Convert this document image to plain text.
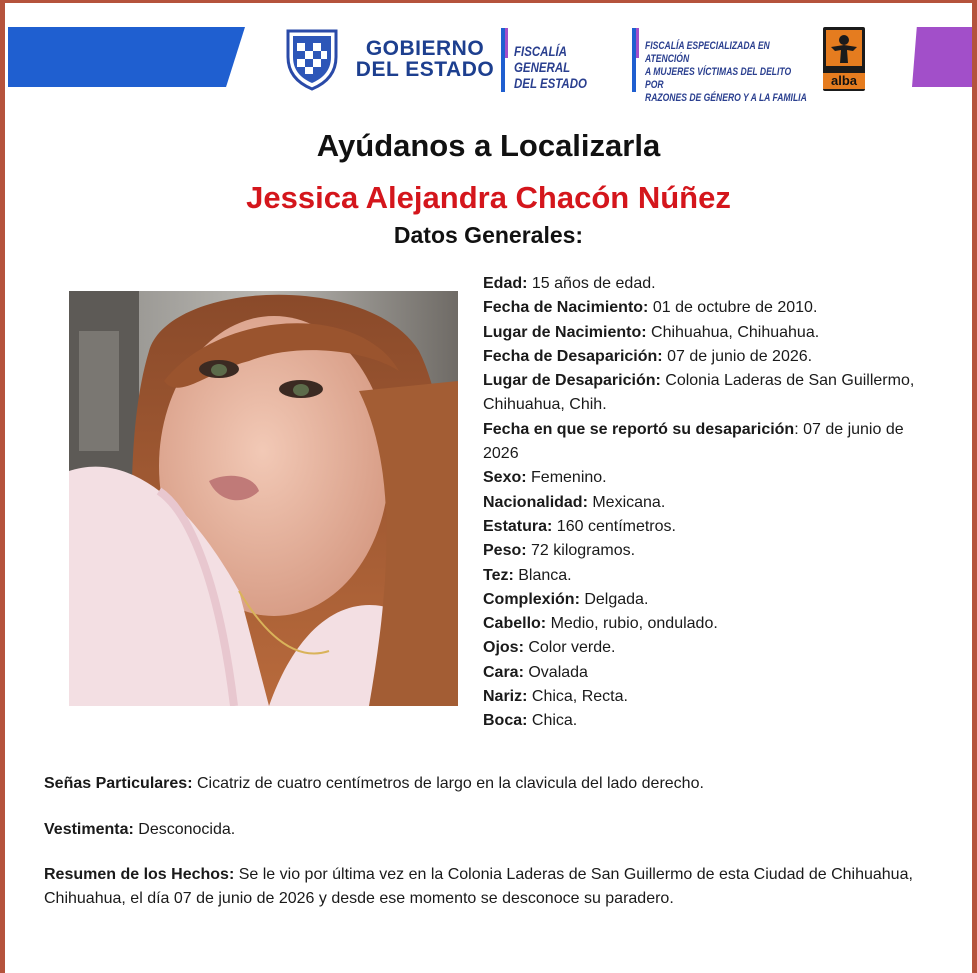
GOBIERNO
DEL ESTADO
FISCALÍA GENERAL
DEL ESTADO
FISCALÍA ESPECIALIZADA EN ATENCIÓN
A MUJERES VÍCTIMAS DEL DELITO POR
RAZONES DE GÉNERO Y A LA FAMILIA
alba
Ayúdanos a Localizarla
Jessica Alejandra Chacón Núñez
Datos Generales:
Edad: 15 años de edad.
Fecha de Nacimiento: 01 de octubre de 2010.
Lugar de Nacimiento: Chihuahua, Chihuahua.
Fecha de Desaparición: 07 de junio de 2026.
Lugar de Desaparición: Colonia Laderas de San Guillermo, Chihuahua, Chih.
Fecha en que se reportó su desaparición: 07 de junio de 2026
Sexo: Femenino.
Nacionalidad: Mexicana.
Estatura: 160 centímetros.
Peso: 72 kilogramos.
Tez: Blanca.
Complexión: Delgada.
Cabello: Medio, rubio, ondulado.
Ojos: Color verde.
Cara: Ovalada
Nariz: Chica, Recta.
Boca: Chica.
Señas Particulares: Cicatriz de cuatro centímetros de largo en la clavicula del lado derecho.
Vestimenta: Desconocida.
Resumen de los Hechos: Se le vio por última vez en la Colonia Laderas de San Guillermo de esta Ciudad de Chihuahua, Chihuahua, el día 07 de junio de 2026 y desde ese momento se desconoce su paradero.
